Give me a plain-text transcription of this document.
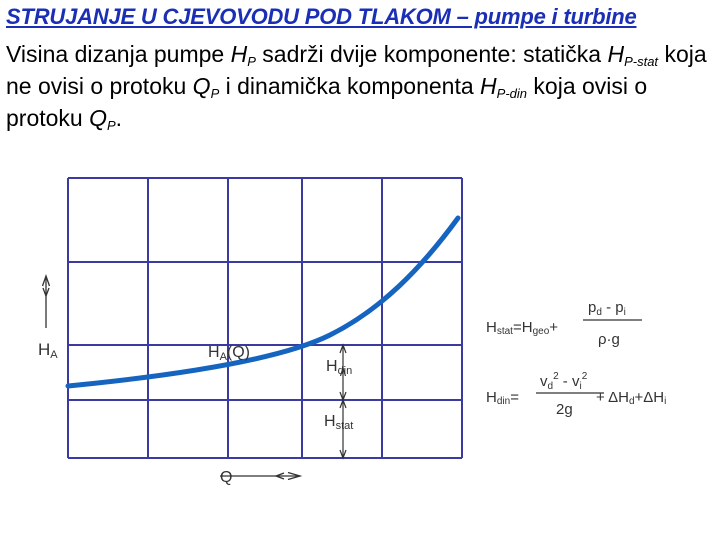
STRUJANJE U CJEVOVODU POD TLAKOM – pumpe i turbine

Visina dizanja pumpe $H_P$ sadrži dvije komponente: statička $H_{P-stat}$ koja ne ovisi o protoku $Q_P$ i dinamička komponenta $H_{P-din}$ koja ovisi o protoku $Q_P$.

HA	HA(Q)
Hdin
Hstat
Q
Hstat=Hgeo+
$p_d - p_i$
ρ·g
Hdin=
$v_d^2 - v_i^2$
2g
+ ΔHd+ΔHi
